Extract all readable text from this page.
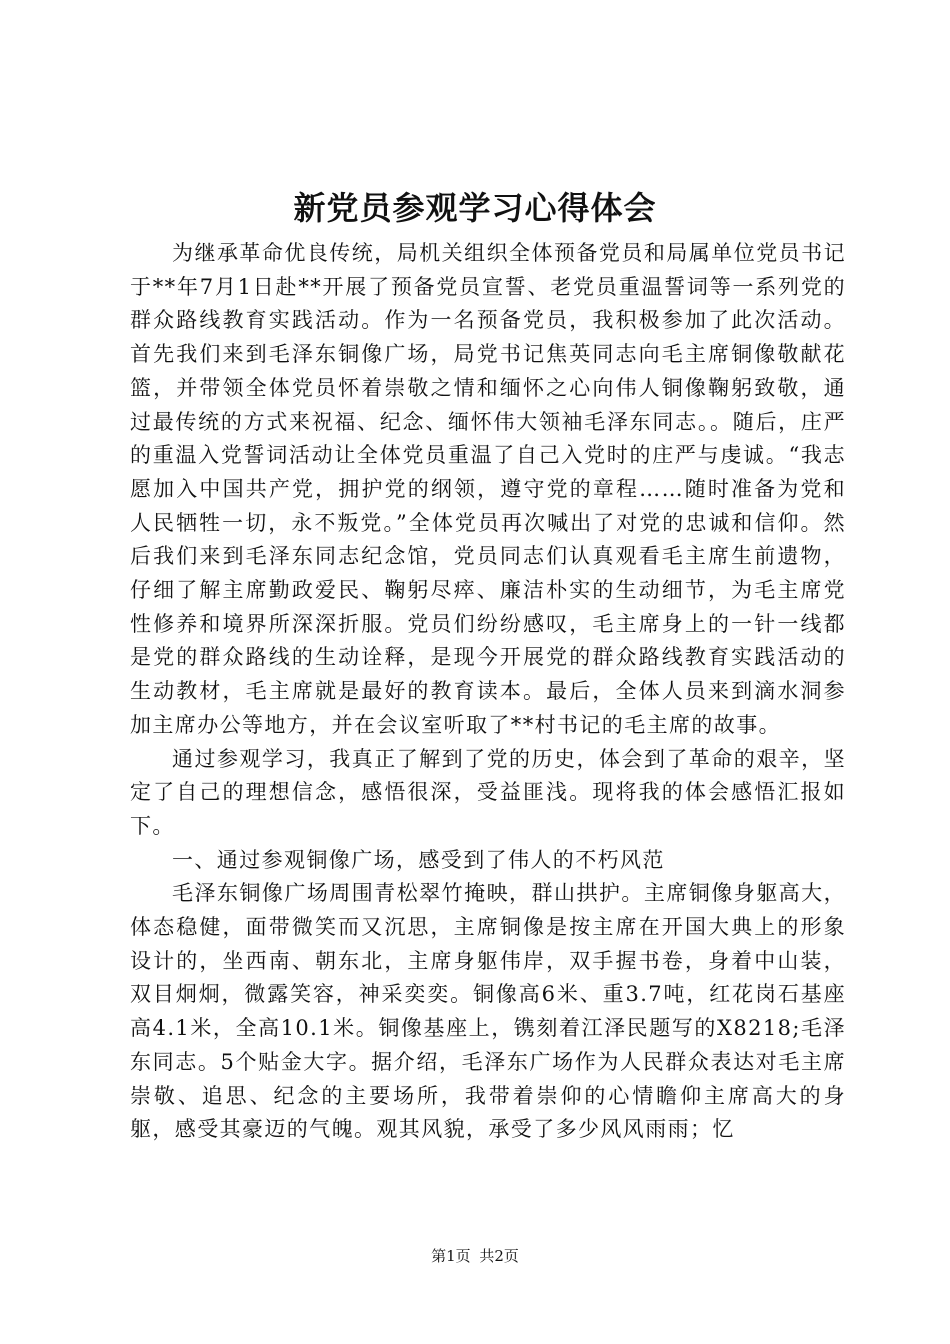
新党员参观学习心得体会

为继承革命优良传统，局机关组织全体预备党员和局属单位党员书记于**年7月1日赴**开展了预备党员宣誓、老党员重温誓词等一系列党的群众路线教育实践活动。作为一名预备党员，我积极参加了此次活动。首先我们来到毛泽东铜像广场，局党书记焦英同志向毛主席铜像敬献花篮，并带领全体党员怀着崇敬之情和缅怀之心向伟人铜像鞠躬致敬，通过最传统的方式来祝福、纪念、缅怀伟大领袖毛泽东同志。。随后，庄严的重温入党誓词活动让全体党员重温了自己入党时的庄严与虔诚。“我志愿加入中国共产党，拥护党的纲领，遵守党的章程……随时准备为党和人民牺牲一切，永不叛党。”全体党员再次喊出了对党的忠诚和信仰。然后我们来到毛泽东同志纪念馆，党员同志们认真观看毛主席生前遗物，仔细了解主席勤政爱民、鞠躬尽瘁、廉洁朴实的生动细节，为毛主席党性修养和境界所深深折服。党员们纷纷感叹，毛主席身上的一针一线都是党的群众路线的生动诠释，是现今开展党的群众路线教育实践活动的生动教材，毛主席就是最好的教育读本。最后，全体人员来到滴水洞参加主席办公等地方，并在会议室听取了**村书记的毛主席的故事。

通过参观学习，我真正了解到了党的历史，体会到了革命的艰辛，坚定了自己的理想信念，感悟很深，受益匪浅。现将我的体会感悟汇报如下。

一、通过参观铜像广场，感受到了伟人的不朽风范

毛泽东铜像广场周围青松翠竹掩映，群山拱护。主席铜像身躯高大，体态稳健，面带微笑而又沉思，主席铜像是按主席在开国大典上的形象设计的，坐西南、朝东北，主席身躯伟岸，双手握书卷，身着中山装，双目炯炯，微露笑容，神采奕奕。铜像高6米、重3.7吨，红花岗石基座高4.1米，全高10.1米。铜像基座上，镌刻着江泽民题写的X8218;毛泽东同志。5个贴金大字。据介绍，毛泽东广场作为人民群众表达对毛主席崇敬、追思、纪念的主要场所，我带着崇仰的心情瞻仰主席高大的身躯，感受其豪迈的气魄。观其风貌，承受了多少风风雨雨；忆

第1页 共2页
